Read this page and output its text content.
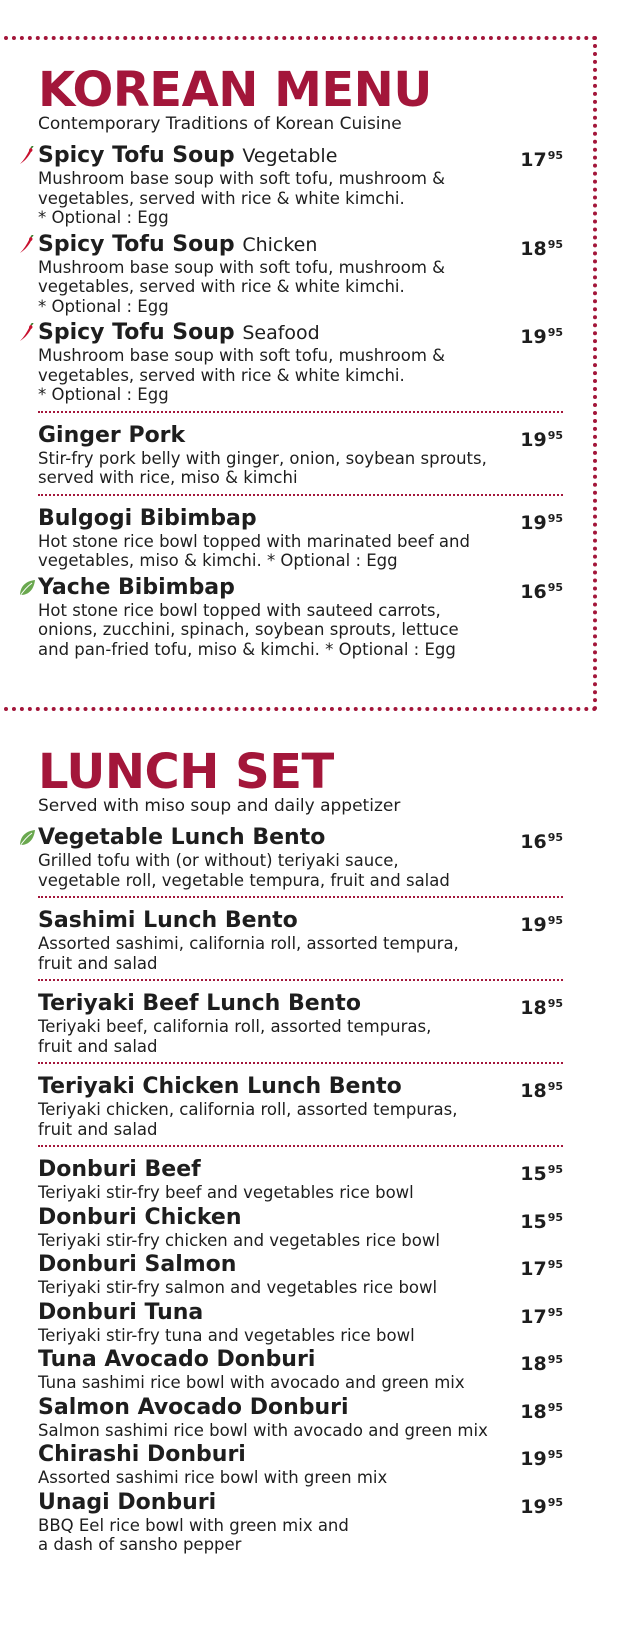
KOREAN MENU
Contemporary Traditions of Korean Cuisine
Spicy Tofu Soup Vegetable	$17^{95}$
Mushroom base soup with soft tofu, mushroom &
vegetables, served with rice & white kimchi.
* Optional : Egg
Spicy Tofu Soup Chicken	$18^{95}$
Mushroom base soup with soft tofu, mushroom &
vegetables, served with rice & white kimchi.
* Optional : Egg
Spicy Tofu Soup Seafood	$19^{95}$
Mushroom base soup with soft tofu, mushroom &
vegetables, served with rice & white kimchi.
* Optional : Egg
Ginger Pork	$19^{95}$
Stir-fry pork belly with ginger, onion, soybean sprouts,
served with rice, miso & kimchi
Bulgogi Bibimbap	$19^{95}$
Hot stone rice bowl topped with marinated beef and
vegetables, miso & kimchi. * Optional : Egg
Yache Bibimbap	$16^{95}$
Hot stone rice bowl topped with sauteed carrots,
onions, zucchini, spinach, soybean sprouts, lettuce
and pan-fried tofu, miso & kimchi. * Optional : Egg
LUNCH SET
Served with miso soup and daily appetizer
Vegetable Lunch Bento	$16^{95}$
Grilled tofu with (or without) teriyaki sauce,
vegetable roll, vegetable tempura, fruit and salad
Sashimi Lunch Bento	$19^{95}$
Assorted sashimi, california roll, assorted tempura,
fruit and salad
Teriyaki Beef Lunch Bento	$18^{95}$
Teriyaki beef, california roll, assorted tempuras,
fruit and salad
Teriyaki Chicken Lunch Bento	$18^{95}$
Teriyaki chicken, california roll, assorted tempuras,
fruit and salad
Donburi Beef	$15^{95}$
Teriyaki stir-fry beef and vegetables rice bowl
Donburi Chicken	$15^{95}$
Teriyaki stir-fry chicken and vegetables rice bowl
Donburi Salmon	$17^{95}$
Teriyaki stir-fry salmon and vegetables rice bowl
Donburi Tuna	$17^{95}$
Teriyaki stir-fry tuna and vegetables rice bowl
Tuna Avocado Donburi	$18^{95}$
Tuna sashimi rice bowl with avocado and green mix
Salmon Avocado Donburi	$18^{95}$
Salmon sashimi rice bowl with avocado and green mix
Chirashi Donburi	$19^{95}$
Assorted sashimi rice bowl with green mix
Unagi Donburi	$19^{95}$
BBQ Eel rice bowl with green mix and
a dash of sansho pepper
